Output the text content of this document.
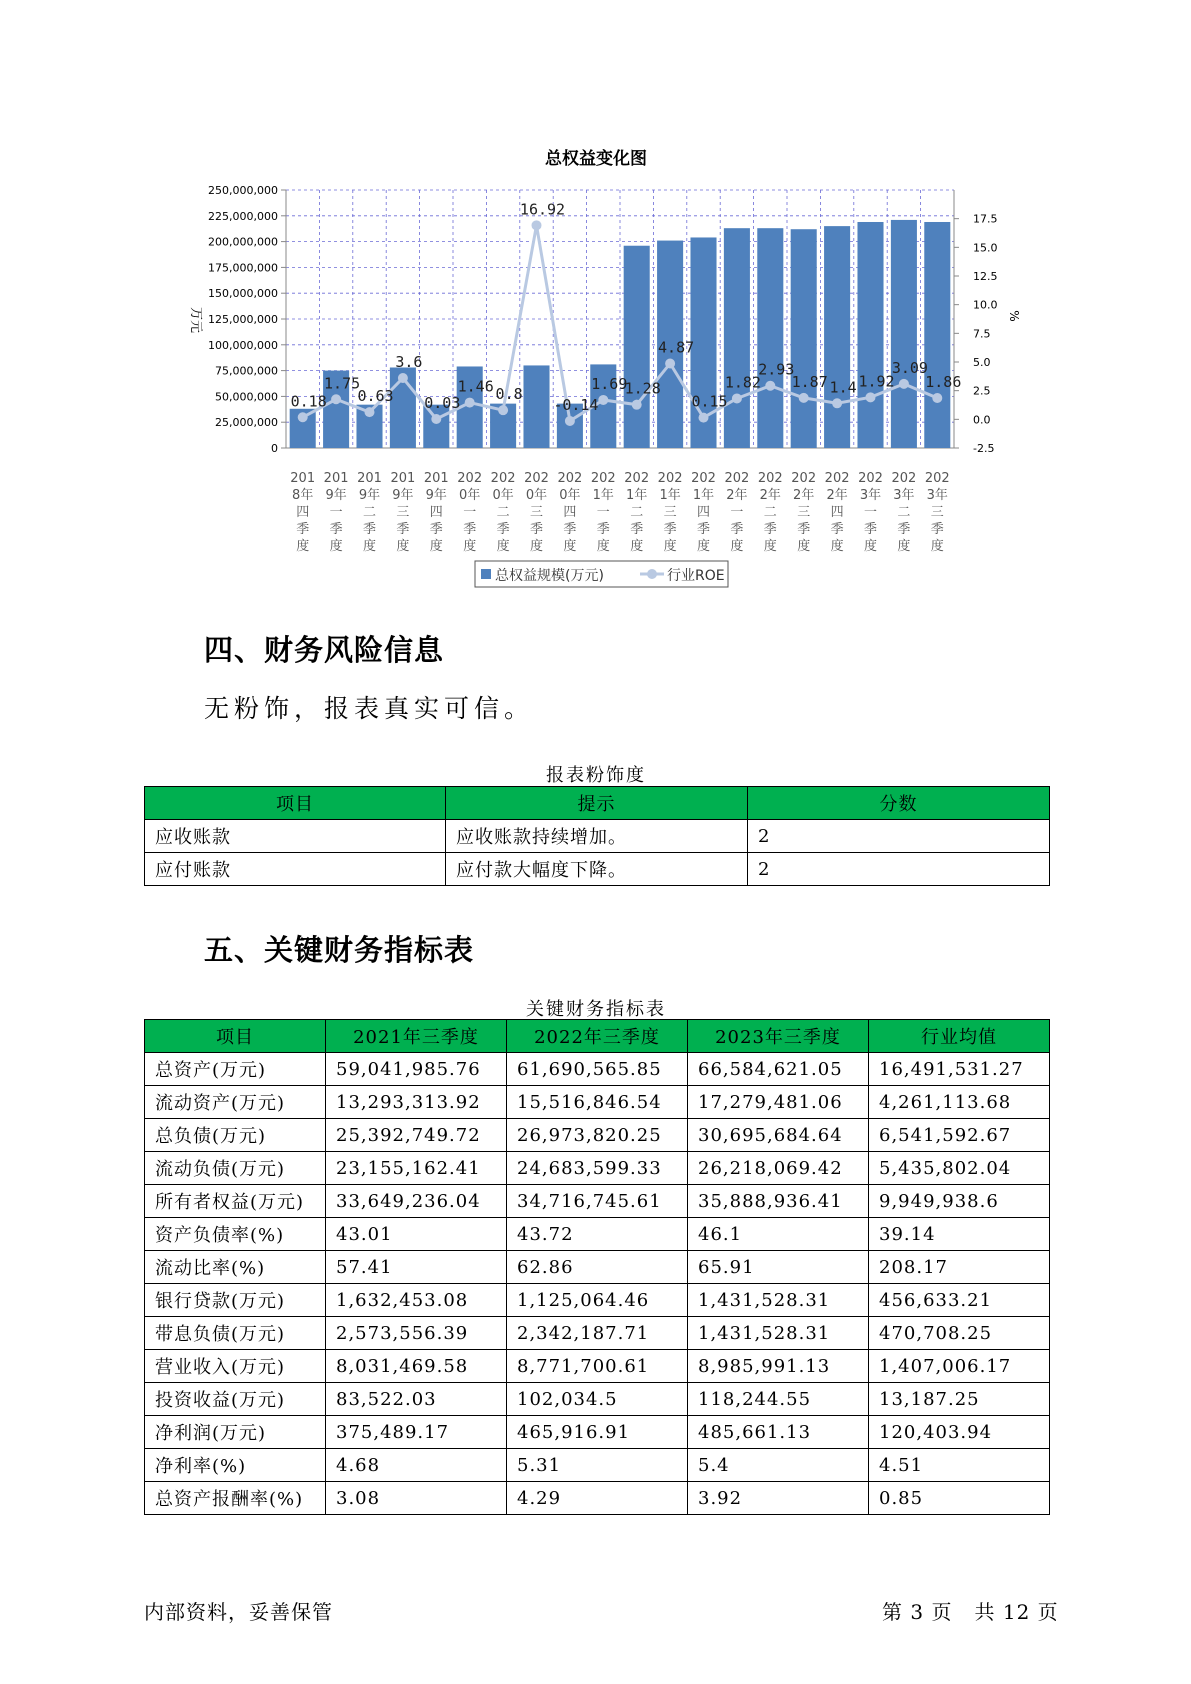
总权益变化图
250,000,000
225,000,000
200,000,000
175,000,000
150,000,000
125,000,000
100,000,000
75,000,000
50,000,000
25,000,000
0
17.5
15.0
12.5
10.0
7.5
5.0
2.5
0.0
-2.5
万元	%
0.18
1.75
0.63
3.6
0.03
1.46 0.8
16.92
-0.14
1.69
1.28
4.87
0.15
1.82
2.93
1.87 1.4 1.92
3.09
1.86
201
8年
四
季
度
201
9年
一
季
度
201
9年
二
季
度
201
9年
三
季
度
201
9年
四
季
度
202
0年
一
季
度
202
0年
二
季
度
202
0年
三
季
度
202
0年
四
季
度
202
1年
一
季
度
202
1年
二
季
度
202
1年
三
季
度
202
1年
四
季
度
202
2年
一
季
度
202
2年
二
季
度
202
2年
三
季
度
202
2年
四
季
度
202
3年
一
季
度
202
3年
二
季
度
202
3年
三
季
度
总权益规模(万元)	行业ROE
四、财务风险信息
无粉饰，报表真实可信。
报表粉饰度
项目	提示	分数
应收账款	应收账款持续增加。	2
应付账款	应付款大幅度下降。	2
五、关键财务指标表
关键财务指标表
项目	2021年三季度	2022年三季度	2023年三季度	行业均值
总资产(万元)	59,041,985.76	61,690,565.85	66,584,621.05	16,491,531.27
流动资产(万元)	13,293,313.92	15,516,846.54	17,279,481.06	4,261,113.68
总负债(万元)	25,392,749.72	26,973,820.25	30,695,684.64	6,541,592.67
流动负债(万元)	23,155,162.41	24,683,599.33	26,218,069.42	5,435,802.04
所有者权益(万元)	33,649,236.04	34,716,745.61	35,888,936.41	9,949,938.6
资产负债率(%)	43.01	43.72	46.1	39.14
流动比率(%)	57.41	62.86	65.91	208.17
银行贷款(万元)	1,632,453.08	1,125,064.46	1,431,528.31	456,633.21
带息负债(万元)	2,573,556.39	2,342,187.71	1,431,528.31	470,708.25
营业收入(万元)	8,031,469.58	8,771,700.61	8,985,991.13	1,407,006.17
投资收益(万元)	83,522.03	102,034.5	118,244.55	13,187.25
净利润(万元)	375,489.17	465,916.91	485,661.13	120,403.94
净利率(%)	4.68	5.31	5.4	4.51
总资产报酬率(%)	3.08	4.29	3.92	0.85
内部资料，妥善保管	第 3 页   共 12 页
